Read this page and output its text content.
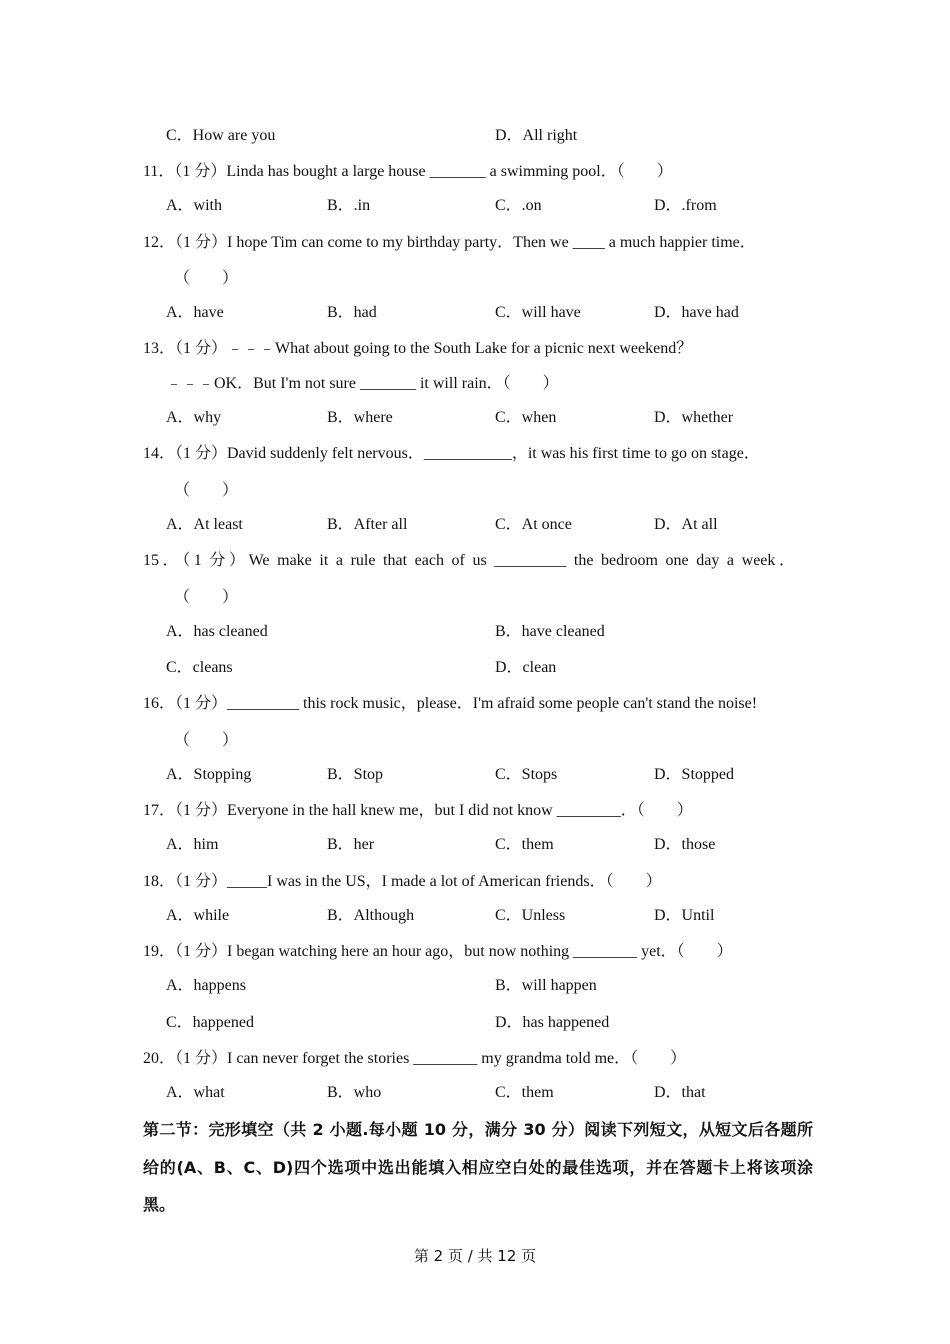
C．How are you	D．All right
11．（1 分）Linda has bought a large house _______ a swimming pool．（　　）
A．with	B．.in	C．.on	D．.from
12．（1 分）I hope Tim can come to my birthday party．Then we ____ a much happier time．
（　　）
A．have	B．had	C．will have	D．have had
13．（1 分）﹣﹣﹣What about going to the South Lake for a picnic next weekend？
﹣﹣﹣OK．But I'm not sure _______ it will rain．（　　）
A．why	B．where	C．when	D．whether
14．（1 分）David suddenly felt nervous．___________，it was his first time to go on stage．
（　　）
A．At least	B．After all	C．At once	D．At all
15．（1 分）We make it a rule that each of us _________ the bedroom one day a week．
（　　）
A．has cleaned	B．have cleaned
C．cleans	D．clean
16．（1 分）_________ this rock music，please．I'm afraid some people can't stand the noise!
（　　）
A．Stopping	B．Stop	C．Stops	D．Stopped
17．（1 分）Everyone in the hall knew me，but I did not know ________．（　　）
A．him	B．her	C．them	D．those
18．（1 分）_____I was in the US，I made a lot of American friends．（　　）
A．while	B．Although	C．Unless	D．Until
19．（1 分）I began watching here an hour ago，but now nothing ________ yet．（　　）
A．happens	B．will happen
C．happened	D．has happened
20．（1 分）I can never forget the stories ________ my grandma told me．（　　）
A．what	B．who	C．them	D．that
第二节：完形填空（共 2 小题.每小题 10 分，满分 30 分）阅读下列短文，从短文后各题所给的(A、B、C、D)四个选项中选出能填入相应空白处的最佳选项，并在答题卡上将该项涂黑。
第 2 页 / 共 12 页
